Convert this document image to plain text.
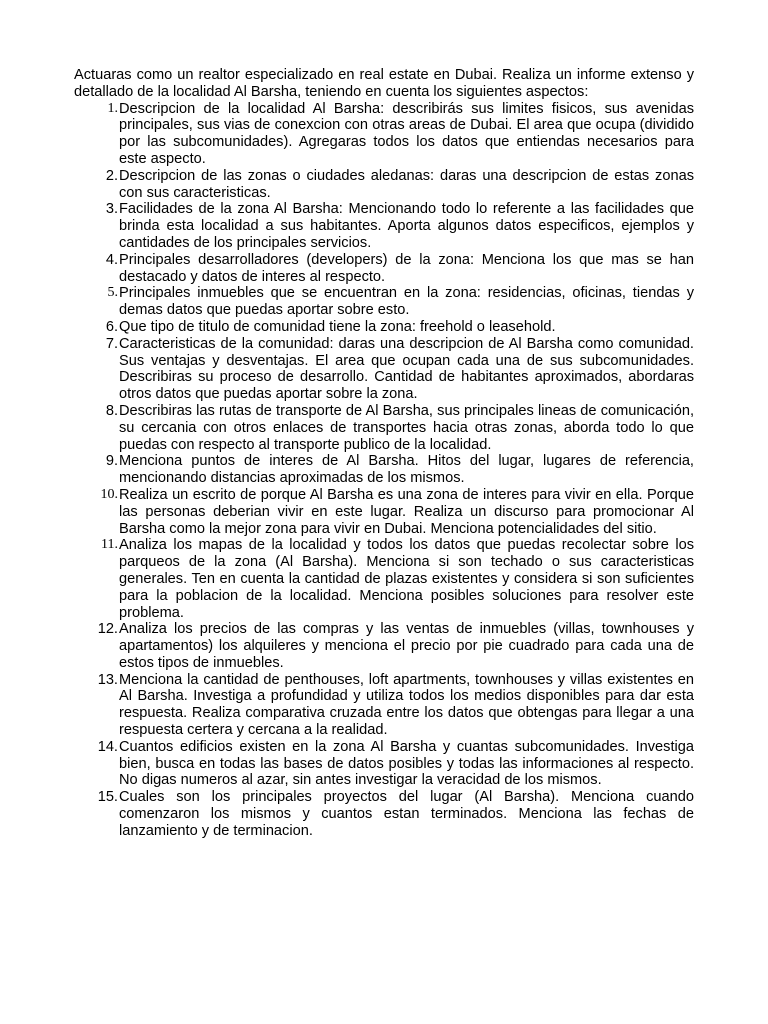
Actuaras como un realtor especializado en real estate en Dubai. Realiza un informe extenso y detallado de la localidad Al Barsha, teniendo en cuenta los siguientes aspectos:

1. Descripcion de la localidad Al Barsha: describirás sus limites fisicos, sus avenidas principales, sus vias de conexcion con otras areas de Dubai. El area que ocupa (dividido por las subcomunidades). Agregaras todos los datos que entiendas necesarios para este aspecto.
2. Descripcion de las zonas o ciudades aledanas: daras una descripcion de estas zonas con sus caracteristicas.
3. Facilidades de la zona Al Barsha: Mencionando todo lo referente a las facilidades que brinda esta localidad a sus habitantes. Aporta algunos datos especificos, ejemplos y cantidades de los principales servicios.
4. Principales desarrolladores (developers) de la zona: Menciona los que mas se han destacado y datos de interes al respecto.
5. Principales inmuebles que se encuentran en la zona: residencias, oficinas, tiendas y demas datos que puedas aportar sobre esto.
6. Que tipo de titulo de comunidad tiene la zona: freehold o leasehold.
7. Caracteristicas de la comunidad: daras una descripcion de Al Barsha como comunidad. Sus ventajas y desventajas. El area que ocupan cada una de sus subcomunidades. Describiras su proceso de desarrollo. Cantidad de habitantes aproximados, abordaras otros datos que puedas aportar sobre la zona.
8. Describiras las rutas de transporte de Al Barsha, sus principales lineas de comunicación, su cercania con otros enlaces de transportes hacia otras zonas, aborda todo lo que puedas con respecto al transporte publico de la localidad.
9. Menciona puntos de interes de Al Barsha. Hitos del lugar, lugares de referencia, mencionando distancias aproximadas de los mismos.
10. Realiza un escrito de porque Al Barsha es una zona de interes para vivir en ella. Porque las personas deberian vivir en este lugar. Realiza un discurso para promocionar Al Barsha como la mejor zona para vivir en Dubai. Menciona potencialidades del sitio.
11. Analiza los mapas de la localidad y todos los datos que puedas recolectar sobre los parqueos de la zona (Al Barsha). Menciona si son techado o sus caracteristicas generales. Ten en cuenta la cantidad de plazas existentes y considera si son suficientes para la poblacion de la localidad. Menciona posibles soluciones para resolver este problema.
12. Analiza los precios de las compras y las ventas de inmuebles (villas, townhouses y apartamentos) los alquileres y menciona el precio por pie cuadrado para cada una de estos tipos de inmuebles.
13. Menciona la cantidad de penthouses, loft apartments, townhouses y villas existentes en Al Barsha. Investiga a profundidad y utiliza todos los medios disponibles para dar esta respuesta. Realiza comparativa cruzada entre los datos que obtengas para llegar a una respuesta certera y cercana a la realidad.
14. Cuantos edificios existen en la zona Al Barsha y cuantas subcomunidades. Investiga bien, busca en todas las bases de datos posibles y todas las informaciones al respecto. No digas numeros al azar, sin antes investigar la veracidad de los mismos.
15. Cuales son los principales proyectos del lugar (Al Barsha). Menciona cuando comenzaron los mismos y cuantos estan terminados. Menciona las fechas de lanzamiento y de terminacion.
